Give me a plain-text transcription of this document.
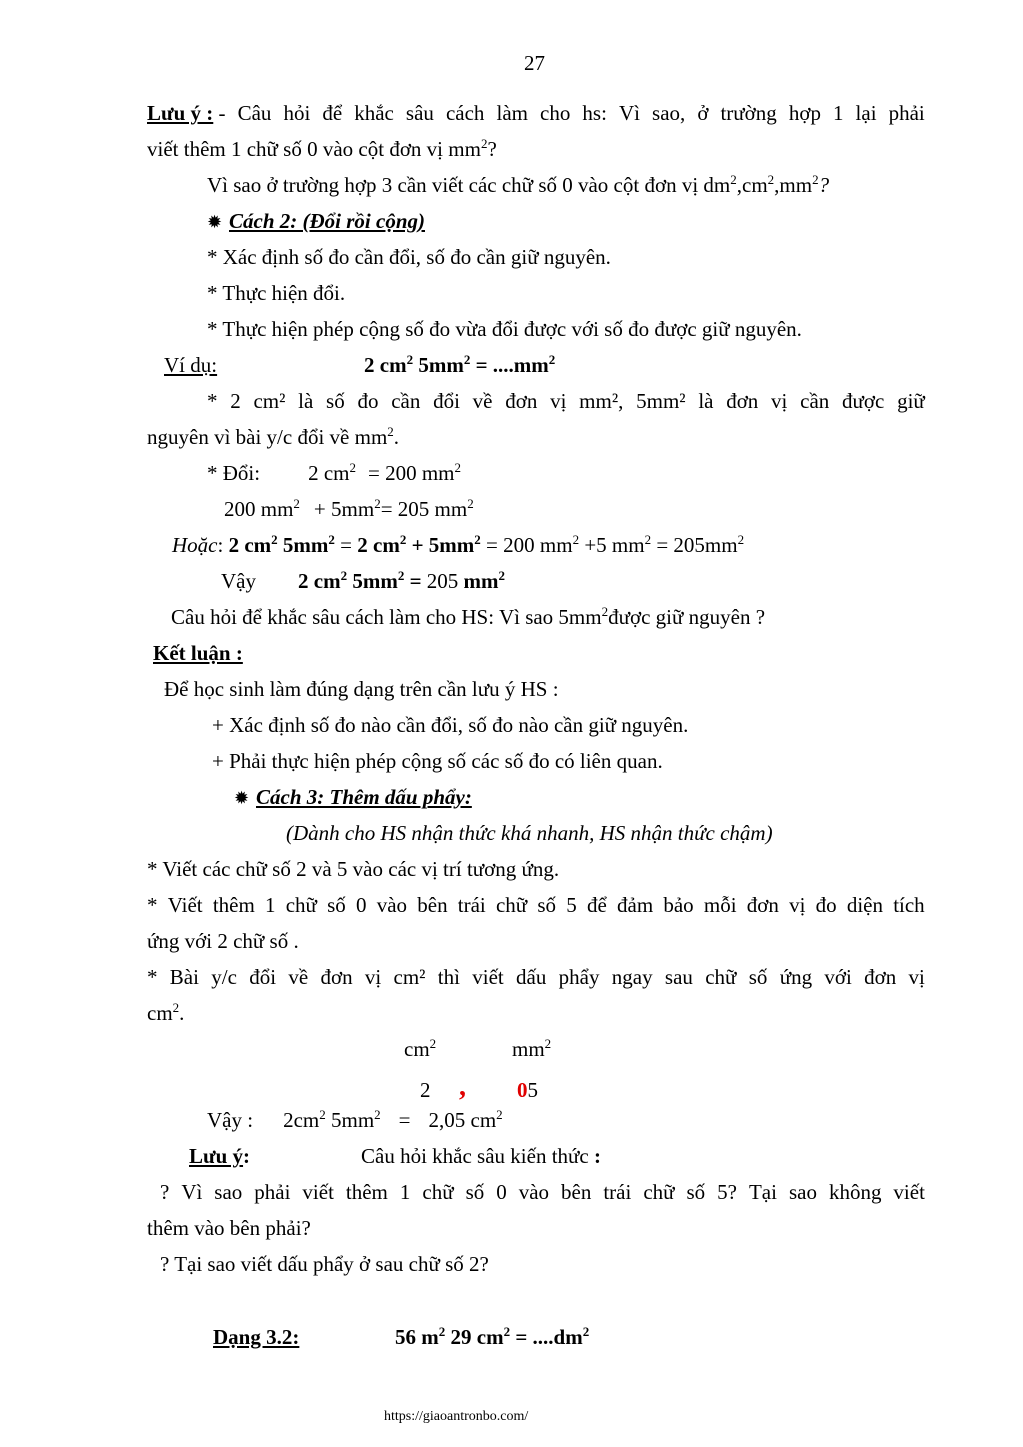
27
Lưu ý : - Câu hỏi để khắc sâu cách làm cho hs: Vì sao, ở trường hợp 1 lại phải
viết thêm 1 chữ số 0 vào cột đơn vị $mm^2$?
Vì sao ở trường hợp 3 cần viết các chữ số 0 vào cột đơn vị $dm^2,cm^2,mm^2$?
✹ Cách 2: (Đổi rồi cộng)
* Xác định số đo cần đổi, số đo cần giữ nguyên.
* Thực hiện đổi.
* Thực hiện phép cộng số đo vừa đổi được với số đo được giữ nguyên.
Ví dụ:	2 $cm^2$ $5mm^2 = ....mm^2$
* 2 cm² là số đo cần đổi về đơn vị mm², 5mm² là đơn vị cần được giữ
nguyên vì bài y/c đổi về $mm^2$.
* Đổi: 2 $cm^2 = 200$ $mm^2$
200 $mm^2 + 5mm^2= 205$ $mm^2$
Hoặc: 2 $cm^2$ $5mm^2 = 2$ $cm^2 + 5mm^2 = 200$ $mm^2 +5$ $mm^2 = 205mm^2$
Vậy 2 $cm^2$ $5mm^2 = 205$ $mm^2$
Câu hỏi để khắc sâu cách làm cho HS: Vì sao $5mm^2được$ giữ nguyên ?
Kết luận :
Để học sinh làm đúng dạng trên cần lưu ý HS :
+ Xác định số đo nào cần đổi, số đo nào cần giữ nguyên.
+ Phải thực hiện phép cộng số các số đo có liên quan.
✹ Cách 3: Thêm dấu phẩy:
(Dành cho HS nhận thức khá nhanh, HS nhận thức chậm)
* Viết các chữ số 2 và 5 vào các vị trí tương ứng.
* Viết thêm 1 chữ số 0 vào bên trái chữ số 5 để đảm bảo mỗi đơn vị đo diện tích
ứng với 2 chữ số .
* Bài y/c đổi về đơn vị cm² thì viết dấu phẩy ngay sau chữ số ứng với đơn vị
$cm^2$.
$cm^2$	$mm^2$
2 , 05
Vậy : $2cm^2$ $5mm^2 = 2,05$ $cm^2$
Lưu ý:	Câu hỏi khắc sâu kiến thức :
? Vì sao phải viết thêm 1 chữ số 0 vào bên trái chữ số 5? Tại sao không viết
thêm vào bên phải?
? Tại sao viết dấu phẩy ở sau chữ số 2?
Dạng 3.2:	56 $m^2$ 29 $cm^2 = ....dm^2$
https://giaoantronbo.com/
